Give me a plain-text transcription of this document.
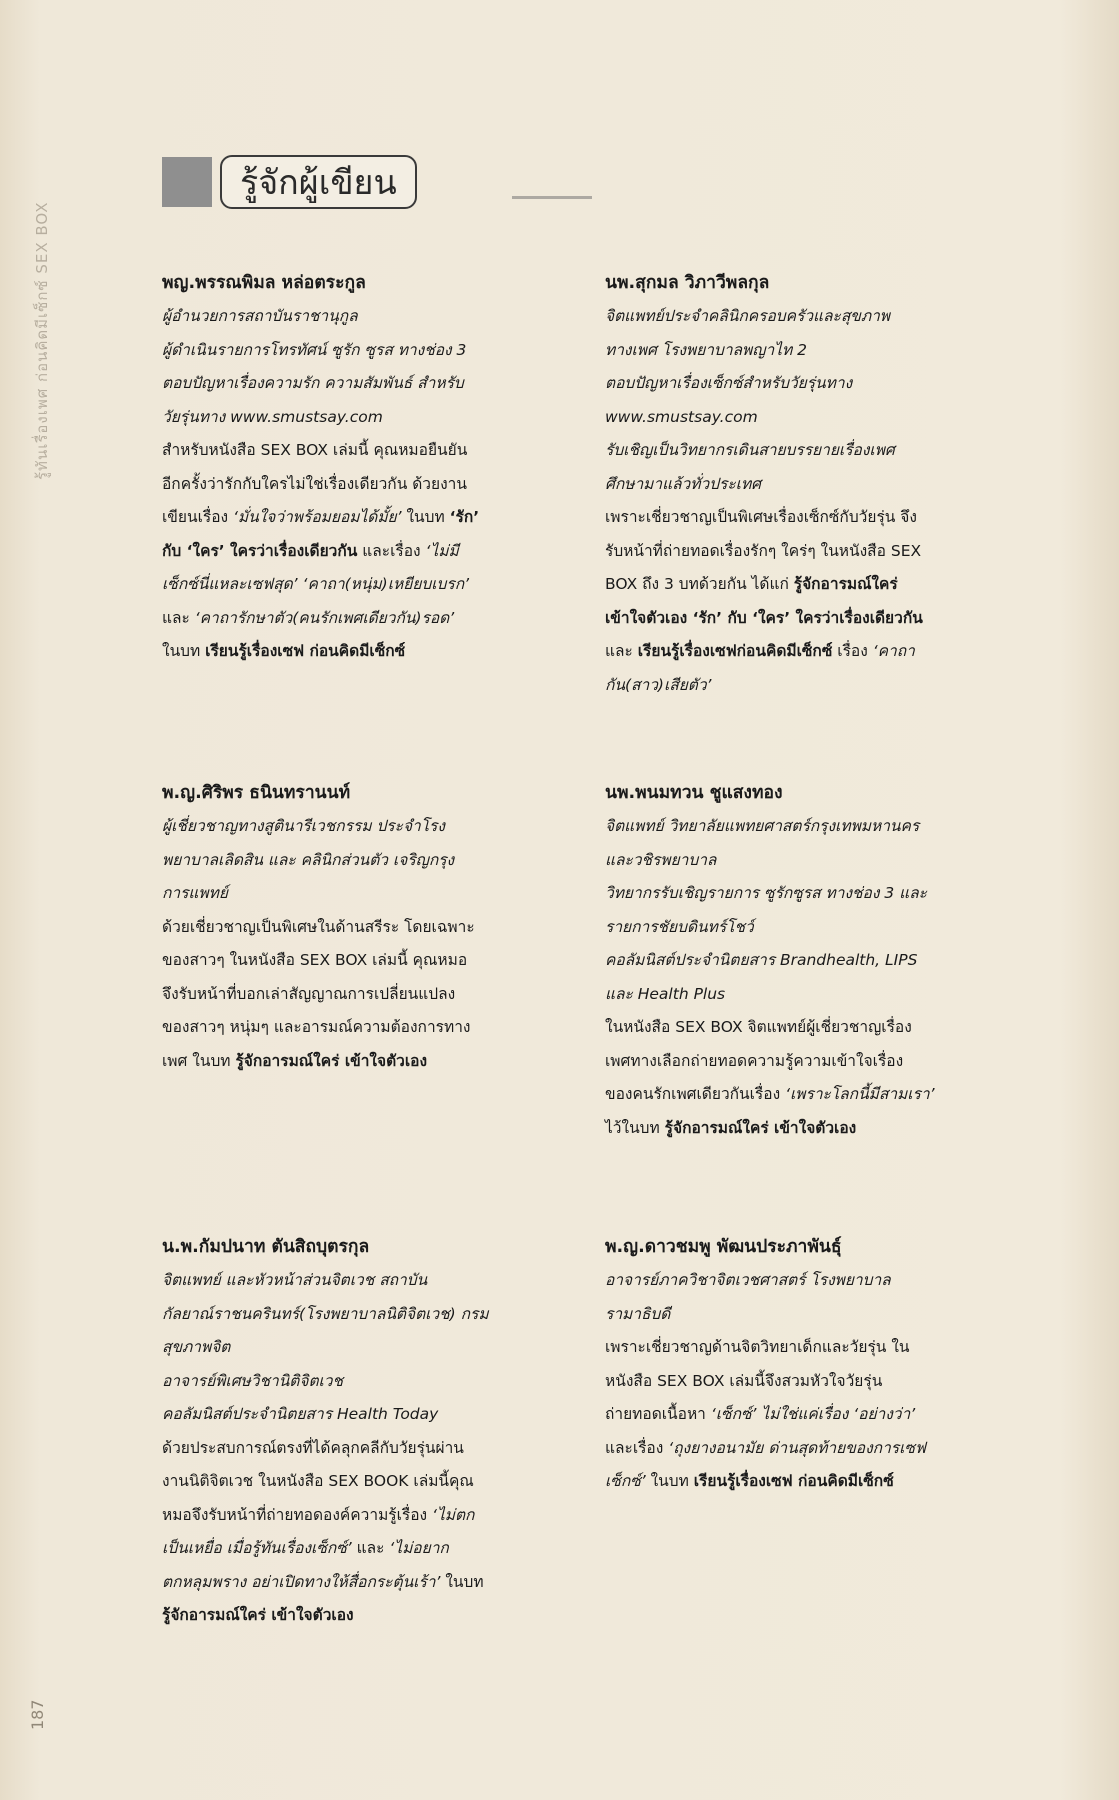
รู้ทันเรื่องเพศ ก่อนคิดมีเซ็กซ์ SEX BOX
187
รู้จักผู้เขียน

พญ.พรรณพิมล หล่อตระกูล

ผู้อำนวยการสถาบันราชานุกูล

ผู้ดำเนินรายการโทรทัศน์ ซูรัก ซูรส ทางช่อง 3

ตอบปัญหาเรื่องความรัก ความสัมพันธ์ สำหรับ

วัยรุ่นทาง www.smustsay.com

สำหรับหนังสือ SEX BOX เล่มนี้ คุณหมอยืนยัน

อีกครั้งว่ารักกับใครไม่ใช่เรื่องเดียวกัน ด้วยงาน

เขียนเรื่อง ‘มั่นใจว่าพร้อมยอมได้มั้ย’ ในบท ‘รัก’

กับ ‘ใคร’ ใครว่าเรื่องเดียวกัน และเรื่อง ‘ไม่มี

เซ็กซ์นี่แหละเซฟสุด’ ‘คาถา(หนุ่ม)เหยียบเบรก’

และ ‘คาถารักษาตัว(คนรักเพศเดียวกัน)รอด’

ในบท เรียนรู้เรื่องเซฟ ก่อนคิดมีเซ็กซ์

พ.ญ.ศิริพร ธนินทรานนท์

ผู้เชี่ยวชาญทางสูตินารีเวชกรรม ประจำโรง

พยาบาลเลิดสิน และ คลินิกส่วนตัว เจริญกรุง

การแพทย์

ด้วยเชี่ยวชาญเป็นพิเศษในด้านสรีระ โดยเฉพาะ

ของสาวๆ ในหนังสือ SEX BOX เล่มนี้ คุณหมอ

จึงรับหน้าที่บอกเล่าสัญญาณการเปลี่ยนแปลง

ของสาวๆ หนุ่มๆ และอารมณ์ความต้องการทาง

เพศ ในบท รู้จักอารมณ์ใคร่ เข้าใจตัวเอง

น.พ.กัมปนาท ตันสิถบุตรกุล

จิตแพทย์ และหัวหน้าส่วนจิตเวช สถาบัน

กัลยาณ์ราชนครินทร์(โรงพยาบาลนิติจิตเวช) กรม

สุขภาพจิต

อาจารย์พิเศษวิชานิติจิตเวช

คอลัมนิสต์ประจำนิตยสาร Health Today

ด้วยประสบการณ์ตรงที่ได้คลุกคลีกับวัยรุ่นผ่าน

งานนิติจิตเวช ในหนังสือ SEX BOOK เล่มนี้คุณ

หมอจึงรับหน้าที่ถ่ายทอดองค์ความรู้เรื่อง ‘ไม่ตก

เป็นเหยื่อ เมื่อรู้ทันเรื่องเซ็กซ์’ และ ‘ไม่อยาก

ตกหลุมพราง อย่าเปิดทางให้สื่อกระตุ้นเร้า’ ในบท

รู้จักอารมณ์ใคร่ เข้าใจตัวเอง

นพ.สุกมล วิภาวีพลกุล

จิตแพทย์ประจำคลินิกครอบครัวและสุขภาพ

ทางเพศ โรงพยาบาลพญาไท 2

ตอบปัญหาเรื่องเซ็กซ์สำหรับวัยรุ่นทาง

www.smustsay.com

รับเชิญเป็นวิทยากรเดินสายบรรยายเรื่องเพศ

ศึกษามาแล้วทั่วประเทศ

เพราะเชี่ยวชาญเป็นพิเศษเรื่องเซ็กซ์กับวัยรุ่น จึง

รับหน้าที่ถ่ายทอดเรื่องรักๆ ใคร่ๆ ในหนังสือ SEX

BOX ถึง 3 บทด้วยกัน ได้แก่ รู้จักอารมณ์ใคร่

เข้าใจตัวเอง ‘รัก’ กับ ‘ใคร’ ใครว่าเรื่องเดียวกัน

และ เรียนรู้เรื่องเซฟก่อนคิดมีเซ็กซ์ เรื่อง ‘คาถา

กัน(สาว)เสียตัว’

นพ.พนมทวน ชูแสงทอง

จิตแพทย์ วิทยาลัยแพทยศาสตร์กรุงเทพมหานคร

และวชิรพยาบาล

วิทยากรรับเชิญรายการ ซูรักซูรส ทางช่อง 3 และ

รายการชัยบดินทร์โชว์

คอลัมนิสต์ประจำนิตยสาร Brandhealth, LIPS

และ Health Plus

ในหนังสือ SEX BOX จิตแพทย์ผู้เชี่ยวชาญเรื่อง

เพศทางเลือกถ่ายทอดความรู้ความเข้าใจเรื่อง

ของคนรักเพศเดียวกันเรื่อง ‘เพราะโลกนี้มีสามเรา’

ไว้ในบท รู้จักอารมณ์ใคร่ เข้าใจตัวเอง

พ.ญ.ดาวชมพู พัฒนประภาพันธุ์

อาจารย์ภาควิชาจิตเวชศาสตร์ โรงพยาบาล

รามาธิบดี

เพราะเชี่ยวชาญด้านจิตวิทยาเด็กและวัยรุ่น ใน

หนังสือ SEX BOX เล่มนี้จึงสวมหัวใจวัยรุ่น

ถ่ายทอดเนื้อหา ‘เซ็กซ์’ ไม่ใช่แค่เรื่อง ‘อย่างว่า’

และเรื่อง ‘ถุงยางอนามัย ด่านสุดท้ายของการเซฟ

เซ็กซ์’ ในบท เรียนรู้เรื่องเซฟ ก่อนคิดมีเซ็กซ์
